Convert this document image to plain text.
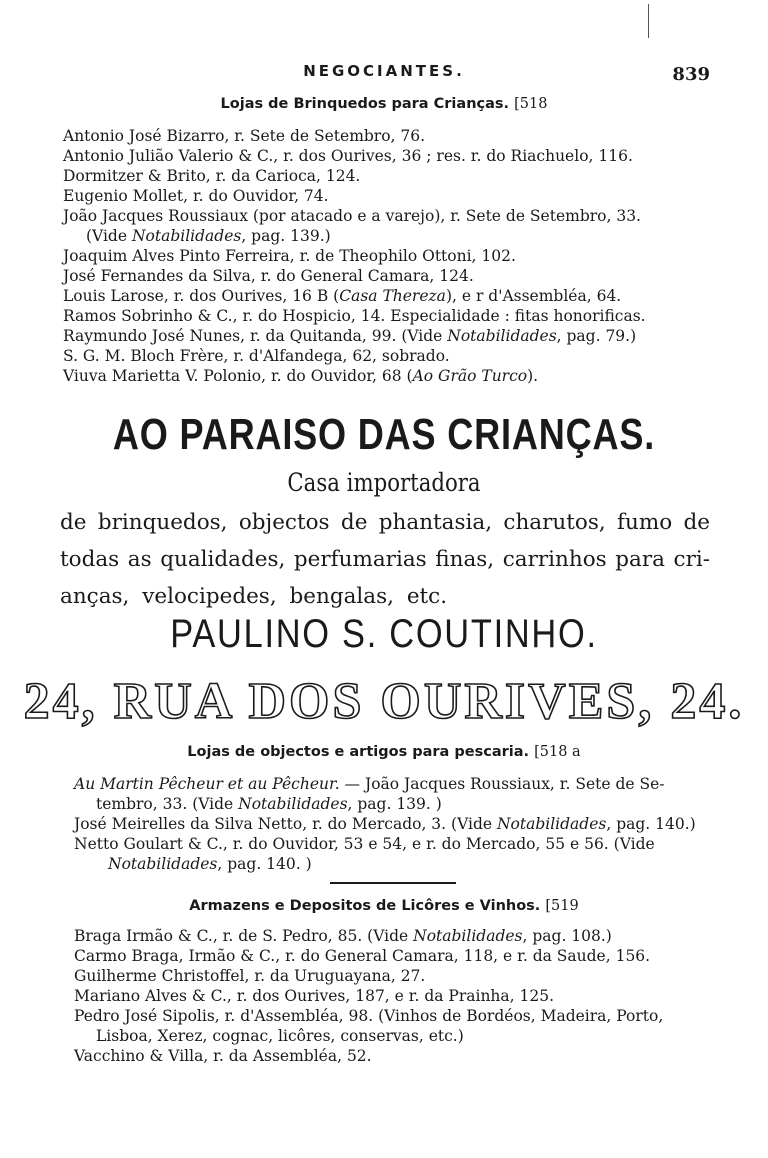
NEGOCIANTES.	839
Lojas de Brinquedos para Crianças. [518
Antonio José Bizarro, r. Sete de Setembro, 76.
Antonio Julião Valerio & C., r. dos Ourives, 36 ; res. r. do Riachuelo, 116.
Dormitzer & Brito, r. da Carioca, 124.
Eugenio Mollet, r. do Ouvidor, 74.
João Jacques Roussiaux (por atacado e a varejo), r. Sete de Setembro, 33.
(Vide Notabilidades, pag. 139.)
Joaquim Alves Pinto Ferreira, r. de Theophilo Ottoni, 102.
José Fernandes da Silva, r. do General Camara, 124.
Louis Larose, r. dos Ourives, 16 B (Casa Thereza), e r d'Assembléa, 64.
Ramos Sobrinho & C., r. do Hospicio, 14. Especialidade : fitas honorificas.
Raymundo José Nunes, r. da Quitanda, 99. (Vide Notabilidades, pag. 79.)
S. G. M. Bloch Frère, r. d'Alfandega, 62, sobrado.
Viuva Marietta V. Polonio, r. do Ouvidor, 68 (Ao Grão Turco).
AO PARAISO DAS CRIANÇAS.
Casa importadora
de brinquedos, objectos de phantasia, charutos, fumo de
todas as qualidades, perfumarias finas, carrinhos para cri-
anças, velocipedes, bengalas, etc.
PAULINO S. COUTINHO.
24, RUA DOS OURIVES, 24.
Lojas de objectos e artigos para pescaria. [518 a
Au Martin Pêcheur et au Pêcheur. — João Jacques Roussiaux, r. Sete de Se-
tembro, 33. (Vide Notabilidades, pag. 139. )
José Meirelles da Silva Netto, r. do Mercado, 3. (Vide Notabilidades, pag. 140.)
Netto Goulart & C., r. do Ouvidor, 53 e 54, e r. do Mercado, 55 e 56. (Vide
Notabilidades, pag. 140. )
Armazens e Depositos de Licôres e Vinhos. [519
Braga Irmão & C., r. de S. Pedro, 85. (Vide Notabilidades, pag. 108.)
Carmo Braga, Irmão & C., r. do General Camara, 118, e r. da Saude, 156.
Guilherme Christoffel, r. da Uruguayana, 27.
Mariano Alves & C., r. dos Ourives, 187, e r. da Prainha, 125.
Pedro José Sipolis, r. d'Assembléa, 98. (Vinhos de Bordéos, Madeira, Porto,
Lisboa, Xerez, cognac, licôres, conservas, etc.)
Vacchino & Villa, r. da Assembléa, 52.
